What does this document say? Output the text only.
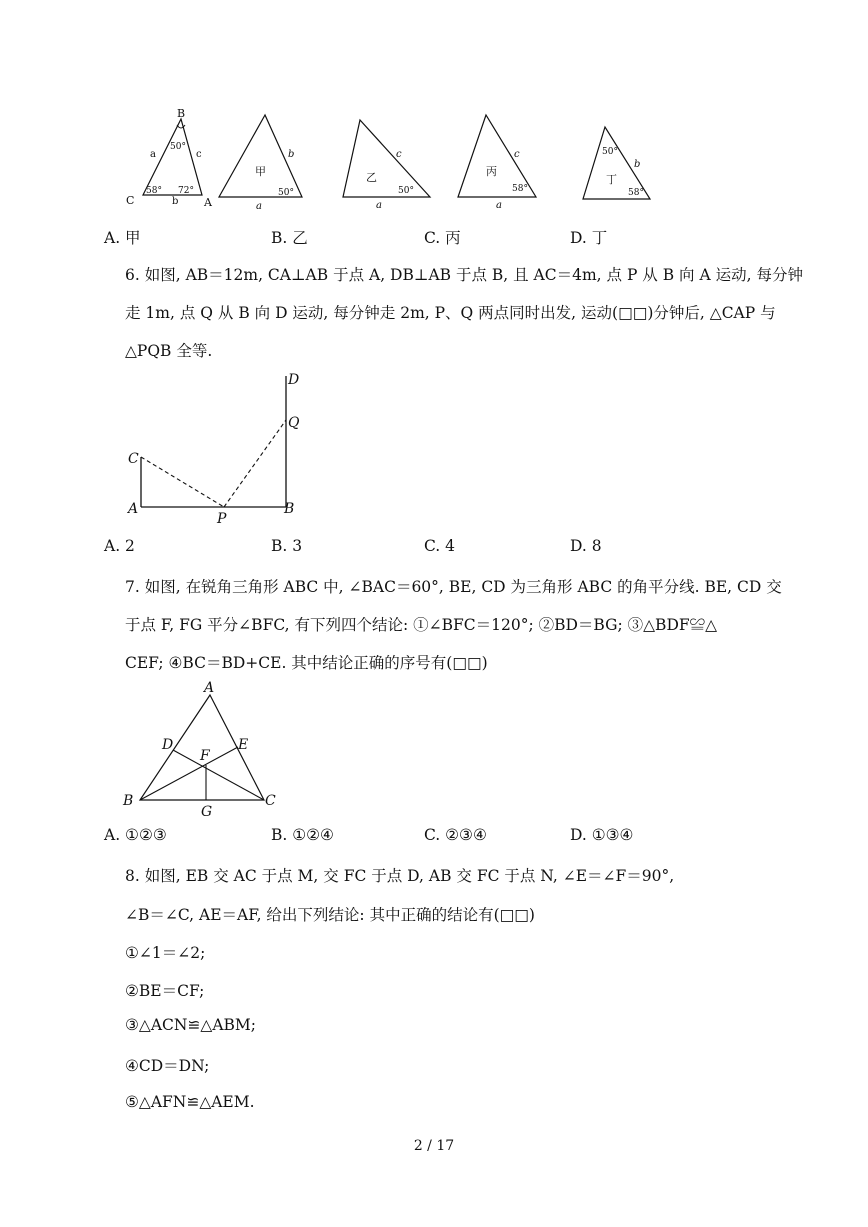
B
C	A
a	c
b
50°
58° 72°
甲
b
50°
a
乙
c
50°
a
丙
c
58°
a
丁
50°
b
58°
A. 甲	B. 乙	C. 丙	D. 丁
6. 如图, AB＝12m, CA⊥AB 于点 A, DB⊥AB 于点 B, 且 AC＝4m, 点 P 从 B 向 A 运动, 每分钟
走 1m, 点 Q 从 B 向 D 运动, 每分钟走 2m, P、Q 两点同时出发, 运动(□□)分钟后, △CAP 与
△PQB 全等.
D
Q
C
A
P
B
A. 2	B. 3	C. 4	D. 8
7. 如图, 在锐角三角形 ABC 中, ∠BAC＝60°, BE, CD 为三角形 ABC 的角平分线. BE, CD 交
于点 F, FG 平分∠BFC, 有下列四个结论: ①∠BFC＝120°; ②BD＝BG; ③△BDF≌△
CEF; ④BC＝BD+CE. 其中结论正确的序号有(□□)
A
D	E
F
B
G
C
A. ①②③	B. ①②④	C. ②③④	D. ①③④
8. 如图, EB 交 AC 于点 M, 交 FC 于点 D, AB 交 FC 于点 N, ∠E＝∠F＝90°,
∠B＝∠C, AE＝AF, 给出下列结论: 其中正确的结论有(□□)
①∠1＝∠2;
②BE＝CF;
③△ACN≌△ABM;
④CD＝DN;
⑤△AFN≌△AEM.
2 / 17
